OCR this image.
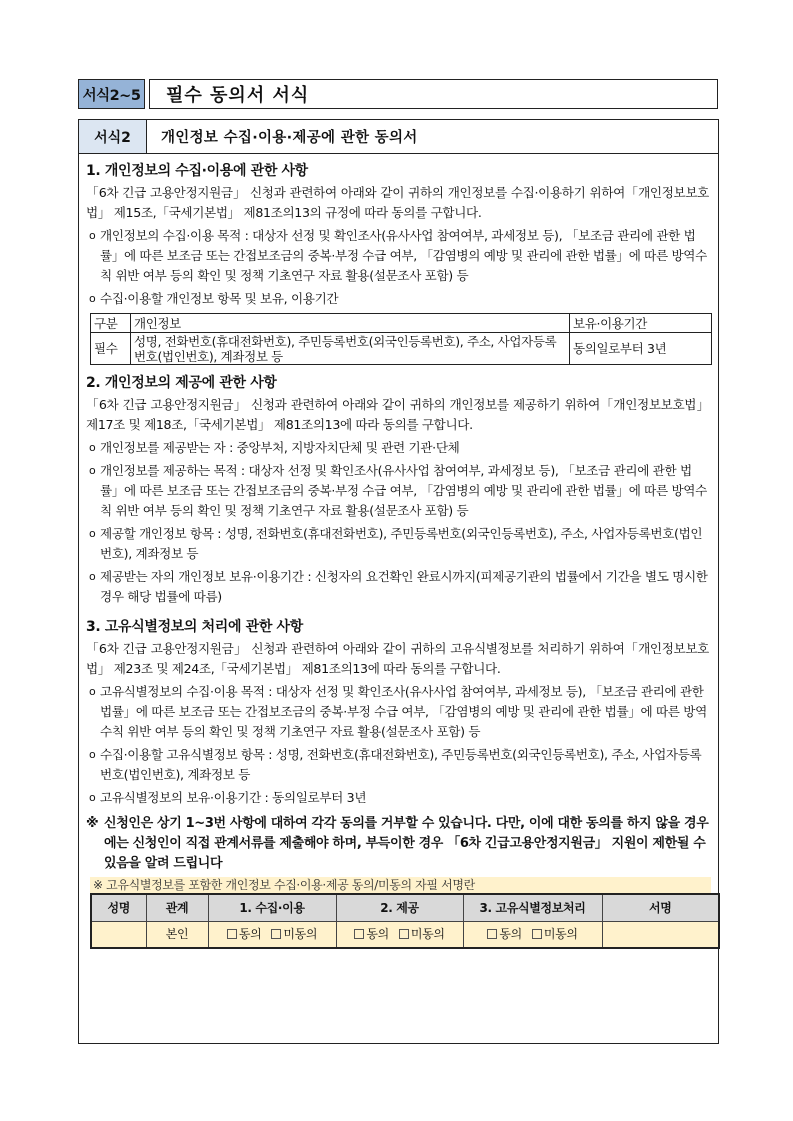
서식2~5	필수 동의서 서식
서식2	개인정보 수집·이용·제공에 관한 동의서
1. 개인정보의 수집·이용에 관한 사항
「6차 긴급 고용안정지원금」 신청과 관련하여 아래와 같이 귀하의 개인정보를 수집·이용하기 위하여「개인정보보호법」 제15조,「국세기본법」 제81조의13의 규정에 따라 동의를 구합니다.
o 개인정보의 수집·이용 목적 : 대상자 선정 및 확인조사(유사사업 참여여부, 과세정보 등), 「보조금 관리에 관한 법률」에 따른 보조금 또는 간접보조금의 중복·부정 수급 여부, 「감염병의 예방 및 관리에 관한 법률」에 따른 방역수칙 위반 여부 등의 확인 및 정책 기초연구 자료 활용(설문조사 포함) 등
o 수집·이용할 개인정보 항목 및 보유, 이용기간
구분	개인정보	보유·이용기간
필수	성명, 전화번호(휴대전화번호), 주민등록번호(외국인등록번호), 주소, 사업자등록번호(법인번호), 계좌정보 등	동의일로부터 3년
2. 개인정보의 제공에 관한 사항
「6차 긴급 고용안정지원금」 신청과 관련하여 아래와 같이 귀하의 개인정보를 제공하기 위하여「개인정보보호법」 제17조 및 제18조,「국세기본법」 제81조의13에 따라 동의를 구합니다.
o 개인정보를 제공받는 자 : 중앙부처, 지방자치단체 및 관련 기관·단체
o 개인정보를 제공하는 목적 : 대상자 선정 및 확인조사(유사사업 참여여부, 과세정보 등), 「보조금 관리에 관한 법률」에 따른 보조금 또는 간접보조금의 중복·부정 수급 여부, 「감염병의 예방 및 관리에 관한 법률」에 따른 방역수칙 위반 여부 등의 확인 및 정책 기초연구 자료 활용(설문조사 포함) 등
o 제공할 개인정보 항목 : 성명, 전화번호(휴대전화번호), 주민등록번호(외국인등록번호), 주소, 사업자등록번호(법인번호), 계좌정보 등
o 제공받는 자의 개인정보 보유·이용기간 : 신청자의 요건확인 완료시까지(피제공기관의 법률에서 기간을 별도 명시한 경우 해당 법률에 따름)
3. 고유식별정보의 처리에 관한 사항
「6차 긴급 고용안정지원금」 신청과 관련하여 아래와 같이 귀하의 고유식별정보를 처리하기 위하여「개인정보보호법」 제23조 및 제24조,「국세기본법」 제81조의13에 따라 동의를 구합니다.
o 고유식별정보의 수집·이용 목적 : 대상자 선정 및 확인조사(유사사업 참여여부, 과세정보 등), 「보조금 관리에 관한 법률」에 따른 보조금 또는 간접보조금의 중복·부정 수급 여부, 「감염병의 예방 및 관리에 관한 법률」에 따른 방역수칙 위반 여부 등의 확인 및 정책 기초연구 자료 활용(설문조사 포함) 등
o 수집·이용할 고유식별정보 항목 : 성명, 전화번호(휴대전화번호), 주민등록번호(외국인등록번호), 주소, 사업자등록번호(법인번호), 계좌정보 등
o 고유식별정보의 보유·이용기간 : 동의일로부터 3년
※ 신청인은 상기 1~3번 사항에 대하여 각각 동의를 거부할 수 있습니다. 다만, 이에 대한 동의를 하지 않을 경우에는 신청인이 직접 관계서류를 제출해야 하며, 부득이한 경우 「6차 긴급고용안정지원금」 지원이 제한될 수 있음을 알려 드립니다
※ 고유식별정보를 포함한 개인정보 수집·이용·제공 동의/미동의 자필 서명란
성명	관계	1. 수집·이용	2. 제공	3. 고유식별정보처리	서명
	본인	동의 미동의	동의 미동의	동의 미동의	
